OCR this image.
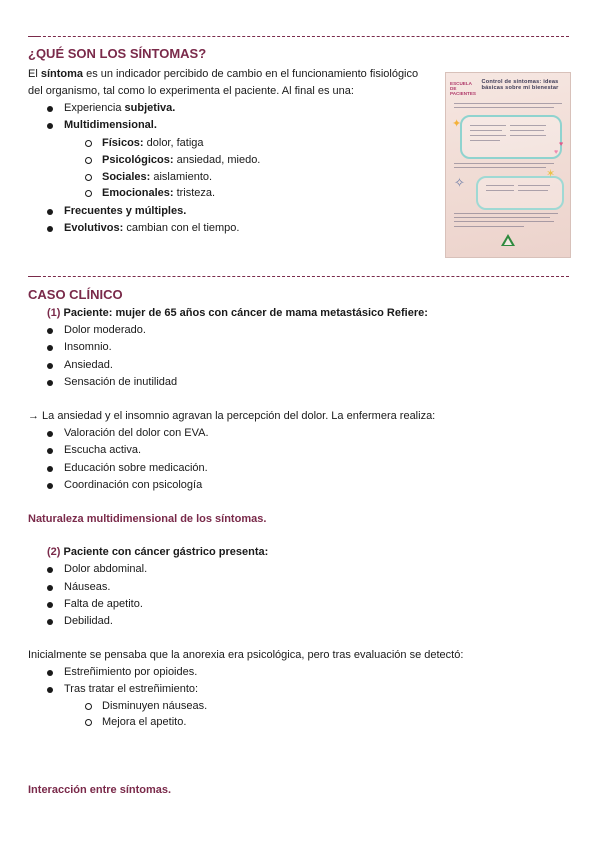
¿QUÉ SON LOS SÍNTOMAS?
El síntoma es un indicador percibido de cambio en el funcionamiento fisiológico
del organismo, tal como lo experimenta el paciente. Al final es una:
Experiencia subjetiva.
Multidimensional.
Físicos: dolor, fatiga
Psicológicos: ansiedad, miedo.
Sociales: aislamiento.
Emocionales: tristeza.
Frecuentes y múltiples.
Evolutivos: cambian con el tiempo.
ESCUELA DE PACIENTES
Control de síntomas: ideas básicas sobre mi bienestar
✦
✶
✧
♥
♥
CASO CLÍNICO
(1) Paciente: mujer de 65 años con cáncer de mama metastásico Refiere:
Dolor moderado.
Insomnio.
Ansiedad.
Sensación de inutilidad
→ La ansiedad y el insomnio agravan la percepción del dolor. La enfermera realiza:
Valoración del dolor con EVA.
Escucha activa.
Educación sobre medicación.
Coordinación con psicología
Naturaleza multidimensional de los síntomas.
(2) Paciente con cáncer gástrico presenta:
Dolor abdominal.
Náuseas.
Falta de apetito.
Debilidad.
Inicialmente se pensaba que la anorexia era psicológica, pero tras evaluación se detectó:
Estreñimiento por opioides.
Tras tratar el estreñimiento:
Disminuyen náuseas.
Mejora el apetito.
Interacción entre síntomas.
